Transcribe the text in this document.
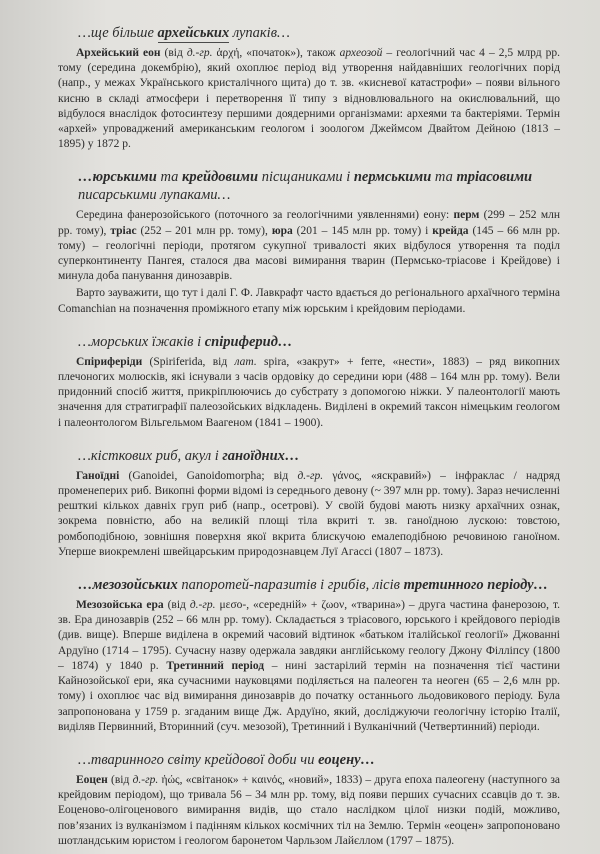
…ще більше архейських лупаків…

Архейський еон (від д.-гр. ἀρχή, «початок»), також археозой – геологічний час 4 – 2,5 млрд рр. тому (середина докембрію), який охоплює період від утворення найдавніших геологічних порід (напр., у межах Українського кристалічного щита) до т. зв. «кисневої катастрофи» – появи вільного кисню в складі атмосфери і перетворення її типу з відновлювального на окислювальний, що відбулося внаслідок фотосинтезу першими доядерними організмами: археями та бактеріями. Термін «архей» упроваджений американським геологом і зоологом Джеймсом Двайтом Дейною (1813 – 1895) у 1872 р.

…юрськими та крейдовими пісщаниками і пермськими та тріасовими писарськими лупаками…

Середина фанерозойського (поточного за геологічними уявленнями) еону: перм (299 – 252 млн рр. тому), тріас (252 – 201 млн рр. тому), юра (201 – 145 млн рр. тому) і крейда (145 – 66 млн рр. тому) – геологічні періоди, протягом сукупної тривалості яких відбулося утворення та поділ суперконтиненту Пангея, сталося два масові вимирання тварин (Пермсько-тріасове і Крейдове) і минула доба панування динозаврів.

Варто зауважити, що тут і далі Г. Ф. Лавкрафт часто вдається до регіонального архаїчного терміна Comanchian на позначення проміжного етапу між юрським і крейдовим періодами.

…морських їжаків і спіриферид…

Спіриферіди (Spiriferida, від лат. spira, «закрут» + ferre, «нести», 1883) – ряд викопних плечоногих молюсків, які існували з часів ордовіку до середини юри (488 – 164 млн рр. тому). Вели придонний спосіб життя, прикріплюючись до субстрату з допомогою ніжки. У палеонтології мають значення для стратиграфії палеозойських відкладень. Виділені в окремий таксон німецьким геологом і палеонтологом Вільгельмом Ваагеном (1841 – 1900).

…кісткових риб, акул і ганоїдних…

Ганоїдні (Ganoidei, Ganoidomorpha; від д.-гр. γάνος, «яскравий») – інфраклас / надряд променеперих риб. Викопні форми відомі із середнього девону (~ 397 млн рр. тому). Зараз нечисленні решткиі кількох давніх груп риб (напр., осетрові). У своїй будові мають низку архаїчних ознак, зокрема повністю, або на великій площі тіла вкриті т. зв. ганоїдною лускою: товстою, ромбоподібною, зовнішня поверхня якої вкрита блискучою емалеподібною речовиною ганоїном. Уперше виокремлені швейцарським природознавцем Луї Агассі (1807 – 1873).

…мезозойських папоротей-паразитів і грибів, лісів третинного періоду…

Мезозойська ера (від д.-гр. μεσο-, «середній» + ζωον, «тварина») – друга частина фанерозою, т. зв. Ера динозаврів (252 – 66 млн рр. тому). Складається з тріасового, юрського і крейдового періодів (див. вище). Вперше виділена в окремий часовий відтинок «батьком італійської геології» Джованні Ардуїно (1714 – 1795). Сучасну назву одержала завдяки англійському геологу Джону Філліпсу (1800 – 1874) у 1840 р. Третинний період – нині застарілий термін на позначення тієї частини Кайнозойської ери, яка сучасними науковцями поділяється на палеоген та неоген (65 – 2,6 млн рр. тому) і охоплює час від вимирання динозаврів до початку останнього льодовикового періоду. Була запропонована у 1759 р. згаданим вище Дж. Ардуїно, який, досліджуючи геологічну історію Італії, виділяв Первинний, Вторинний (суч. мезозой), Третинний і Вулканічний (Четвертинний) періоди.

…тваринного світу крейдової доби чи еоцену…

Еоцен (від д.-гр. ἠώς, «світанок» + καινός, «новий», 1833) – друга епоха палеогену (наступного за крейдовим періодом), що тривала 56 – 34 млн рр. тому, від появи перших сучасних ссавців до т. зв. Еоценово-олігоценового вимирання видів, що стало наслідком цілої низки подій, можливо, пов’язаних із вулканізмом і падінням кількох космічних тіл на Землю. Термін «еоцен» запропоновано шотландським юристом і геологом баронетом Чарльзом Лайєллом (1797 – 1875).
